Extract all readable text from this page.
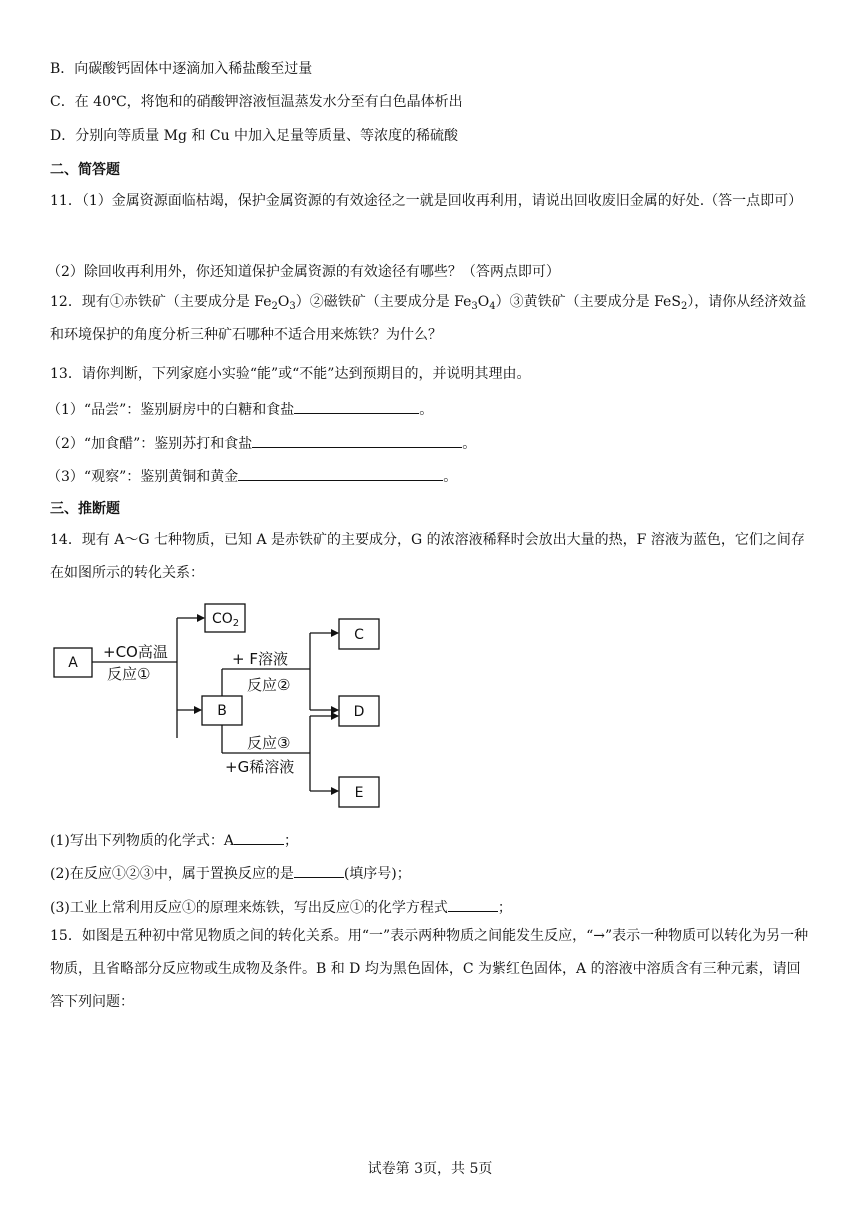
B．向碳酸钙固体中逐滴加入稀盐酸至过量
C．在 40℃，将饱和的硝酸钾溶液恒温蒸发水分至有白色晶体析出
D．分别向等质量 Mg 和 Cu 中加入足量等质量、等浓度的稀硫酸
二、简答题
11．（1）金属资源面临枯竭，保护金属资源的有效途径之一就是回收再利用，请说出回收废旧金属的好处.（答一点即可）
（2）除回收再利用外，你还知道保护金属资源的有效途径有哪些？（答两点即可）
12．现有①赤铁矿（主要成分是 $Fe_2O_3)②$磁铁矿（主要成分是 $Fe_3O_4)③$黄铁矿（主要成分是 FeS$_2$），请你从经济效益和环境保护的角度分析三种矿石哪种不适合用来炼铁？为什么？
13．请你判断，下列家庭小实验“能”或“不能”达到预期目的，并说明其理由。
（1）“品尝”：鉴别厨房中的白糖和食盐	。
（2）“加食醋”：鉴别苏打和食盐	。
（3）“观察”：鉴别黄铜和黄金	。
三、推断题
14．现有 A～G 七种物质，已知 A 是赤铁矿的主要成分，G 的浓溶液稀释时会放出大量的热，F 溶液为蓝色，它们之间存在如图所示的转化关系：
A
$CO_2$
B
C
D
E
+CO高温
反应①
+ F溶液
反应②
反应③
+G稀溶液
(1)写出下列物质的化学式：A	；
(2)在反应①②③中，属于置换反应的是	(填序号)；
(3)工业上常利用反应①的原理来炼铁，写出反应①的化学方程式	；
15．如图是五种初中常见物质之间的转化关系。用“一”表示两种物质之间能发生反应，“→”表示一种物质可以转化为另一种物质，且省略部分反应物或生成物及条件。B 和 D 均为黑色固体，C 为紫红色固体，A 的溶液中溶质含有三种元素，请回答下列问题：
试卷第 3页，共 5页
